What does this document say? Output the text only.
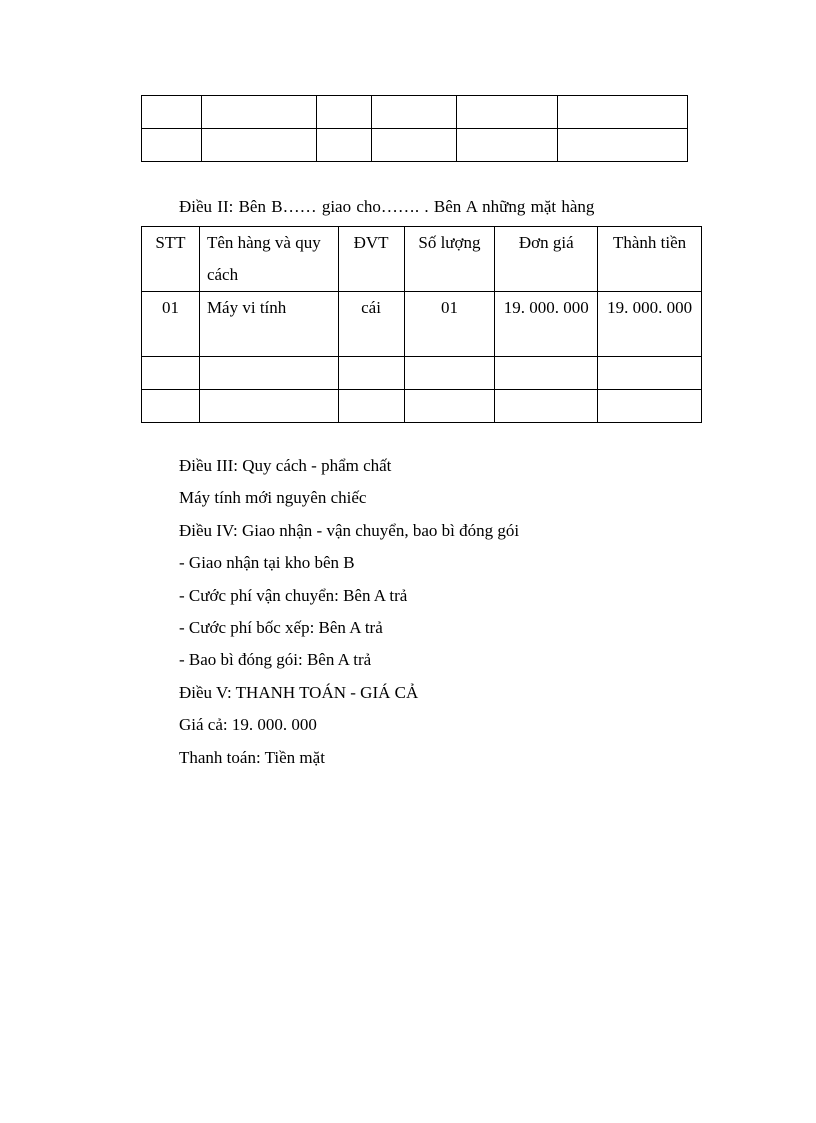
Điều II: Bên B…… giao cho……. . Bên A những mặt hàng
STT	Tên hàng và quy cách	ĐVT	Số lượng	Đơn giá	Thành tiền
01	Máy vi tính	cái	01	19. 000. 000	19. 000. 000

Điều III: Quy cách - phẩm chất
Máy tính mới nguyên chiếc
Điều IV: Giao nhận - vận chuyển, bao bì đóng gói
- Giao nhận tại kho bên B
- Cước phí vận chuyển: Bên A trả
- Cước phí bốc xếp: Bên A trả
- Bao bì đóng gói: Bên A trả
Điều V: THANH TOÁN - GIÁ CẢ
Giá cả: 19. 000. 000
Thanh toán: Tiền mặt
